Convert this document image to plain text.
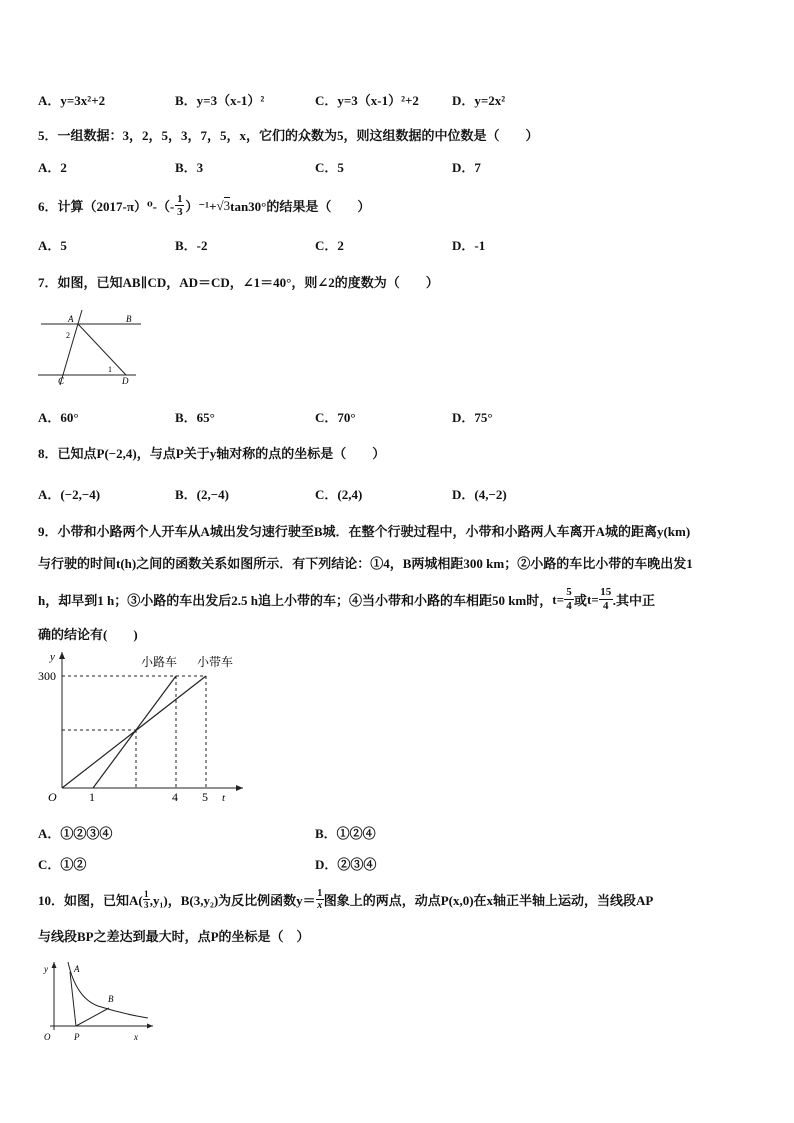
A．y=3x²+2	B．y=3（x-1）²	C．y=3（x-1）²+2	D．y=2x²
5．一组数据：3，2，5，3，7，5，x，它们的众数为5，则这组数据的中位数是（　　）
A．2	B．3	C．5	D．7
6．计算$(2017-\pi)^0-(- \frac{1}{3} )^{-1}+$ √ 3 tan30°的结果是（　　）
A．5	B．-2	C．2	D．-1
7．如图，已知AB∥CD，AD＝CD，∠1＝40°，则∠2的度数为（　　）
A	B
C	D
2
1
A．60°	B．65°	C．70°	D．75°
8．已知点P(−2,4)，与点P关于y轴对称的点的坐标是（　　）
A．(−2,−4)	B．(2,−4)	C．(2,4)	D．(4,−2)
9．小带和小路两个人开车从A城出发匀速行驶至B城．在整个行驶过程中，小带和小路两人车离开A城的距离y(km)
与行驶的时间t(h)之间的函数关系如图所示．有下列结论：①4，B两城相距300 km；②小路的车比小带的车晚出发1
h，却早到1 h；③小路的车出发后2.5 h追上小带的车；④当小带和小路的车相距50 km时， $t= \frac{5}{4}$ 或 $t= \frac{15}{4}$ .其中正
确的结论有(　　)
y
t
O
300
1	4 5
小路车 小带车
A．①②③④	B．①②④
C．①②	D．②③④
10．如图，已知$A( \frac{1}{3} ,y_1)$，B(3,y₂)为反比例函数$y= \frac{1}{x}$ 图象上的两点，动点P(x,0)在x轴正半轴上运动，当线段AP
与线段BP之差达到最大时，点P的坐标是（　）
y
x
O
A
B
P
